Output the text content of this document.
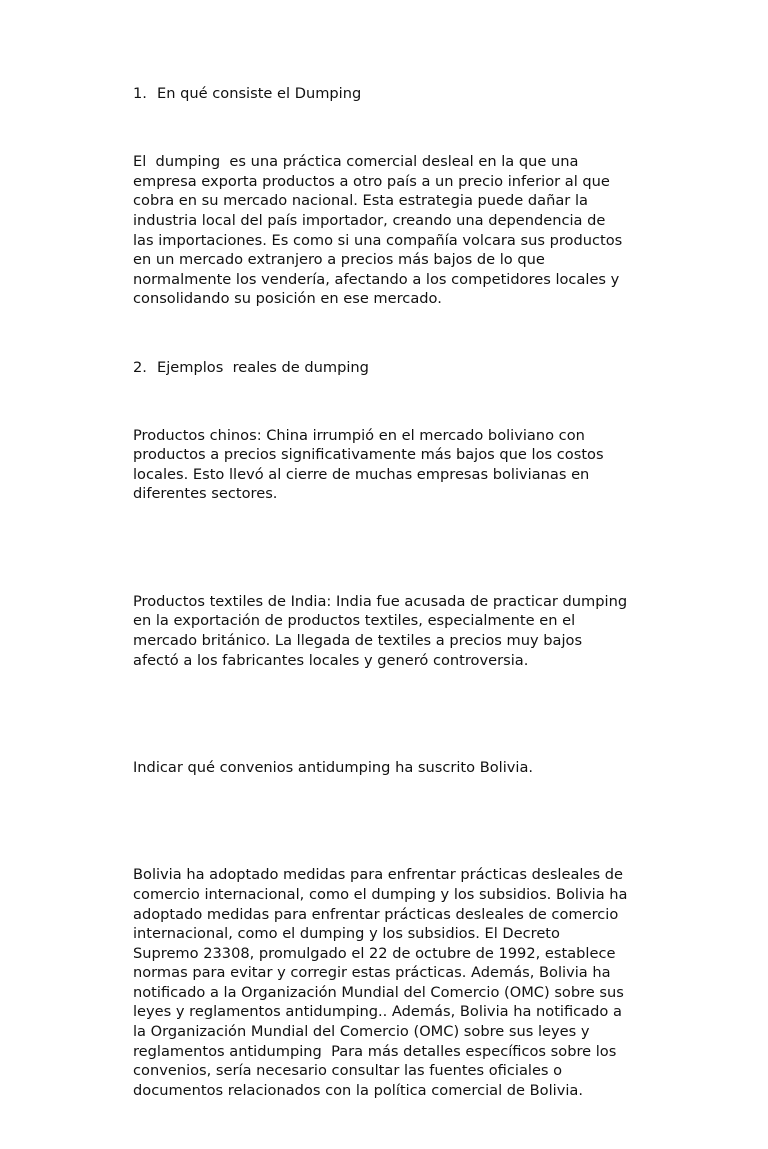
1. En qué consiste el Dumping

El  dumping  es una práctica comercial desleal en la que una
empresa exporta productos a otro país a un precio inferior al que
cobra en su mercado nacional. Esta estrategia puede dañar la
industria local del país importador, creando una dependencia de
las importaciones. Es como si una compañía volcara sus productos
en un mercado extranjero a precios más bajos de lo que
normalmente los vendería, afectando a los competidores locales y
consolidando su posición en ese mercado.

2. Ejemplos  reales de dumping

Productos chinos: China irrumpió en el mercado boliviano con
productos a precios significativamente más bajos que los costos
locales. Esto llevó al cierre de muchas empresas bolivianas en
diferentes sectores.

Productos textiles de India: India fue acusada de practicar dumping
en la exportación de productos textiles, especialmente en el
mercado británico. La llegada de textiles a precios muy bajos
afectó a los fabricantes locales y generó controversia.

Indicar qué convenios antidumping ha suscrito Bolivia.

Bolivia ha adoptado medidas para enfrentar prácticas desleales de
comercio internacional, como el dumping y los subsidios. Bolivia ha
adoptado medidas para enfrentar prácticas desleales de comercio
internacional, como el dumping y los subsidios. El Decreto
Supremo 23308, promulgado el 22 de octubre de 1992, establece
normas para evitar y corregir estas prácticas. Además, Bolivia ha
notificado a la Organización Mundial del Comercio (OMC) sobre sus
leyes y reglamentos antidumping.. Además, Bolivia ha notificado a
la Organización Mundial del Comercio (OMC) sobre sus leyes y
reglamentos antidumping  Para más detalles específicos sobre los
convenios, sería necesario consultar las fuentes oficiales o
documentos relacionados con la política comercial de Bolivia.
